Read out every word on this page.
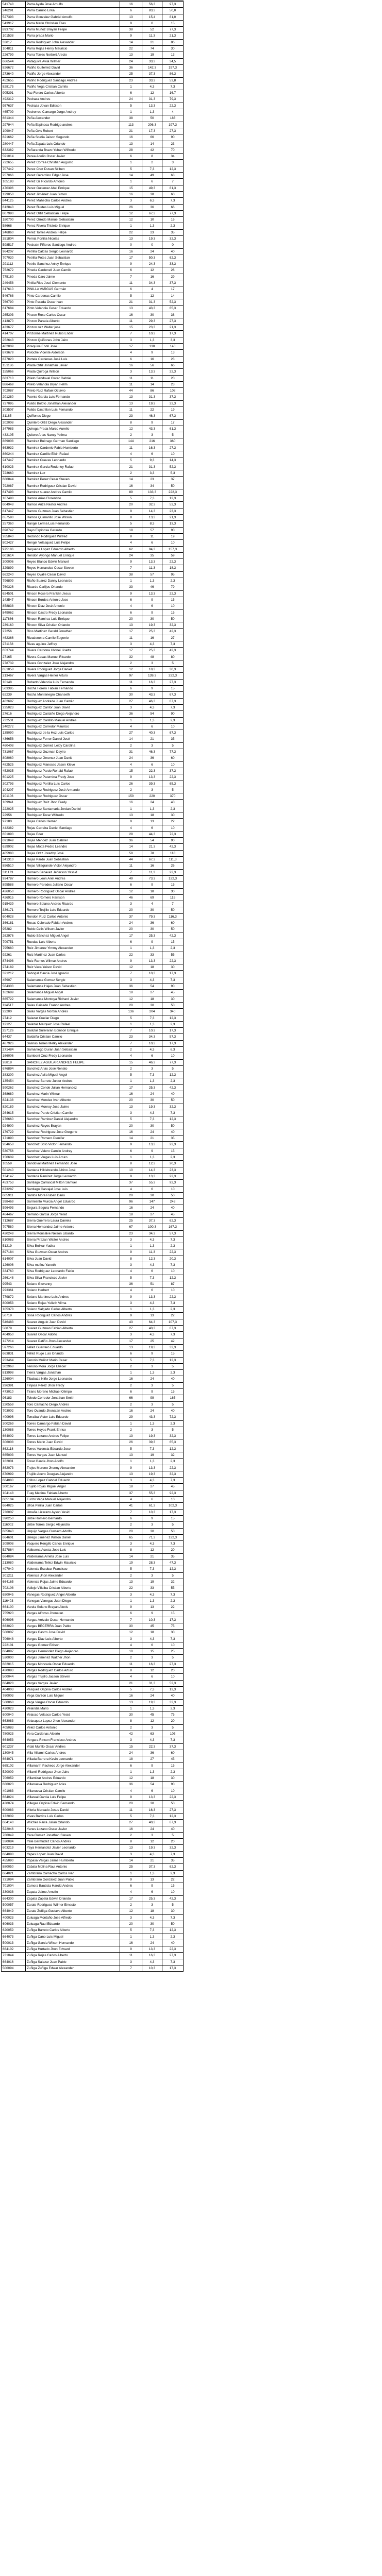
541748	Parra Ayala Jose Arnulfo	16	56,3	97,3
246291	Parra Carrillo Erika	6	83,3	50,0
527393	Parra Gonzalez Gabriel Arnulfo	13	15,4	81,0
543917	Parra Marin Christian Eliex	9	0	15
893702	Parra Muñoz Brayan Felipe	38	52	77,3
101538	Parra prada Mario	9	11,3	21,3
33017	Parra Rodriguez John Alexander	14	21	86
104811	Parra Rojas Henry Mauricio	22	74	30
226799	Parra Torres Norbert Arecio	13	19	13
666544	Pataquiva Avila Wilmer	24	33,3	34,5
826672	Patiño Guiterrez David	36	142,3	197,3
273640	Patiño Jorge Alexander	25	37,3	86,3
452655	Patiño Rodriguez Santiago Andres	23	33,3	53,8
828175	Patiño Vega Cristian Camilo	1	4,3	7,3
905391	Paz Forero Carlos Alberto	6	12	16,7
492312	Pedraza Andres	24	31,3	79,3
957637	Pedraza Jovan Edisson	5	13,3	22,3
465709	Pedrerros Camargo Jorge Andrey	1	1,3	4
661344	Peña Alexander	38	50	183
297944	Peña Espinosa Rodrigo andres	113	206,3	197,3
109047	Peña Ovis Robert	21	17,3	27,3
821662	Peña Soafia Jaison Segundo	16	66	90
280447	Peña Zapata Luis Orlando	13	14	23
632382	Peñaranda Bravo Yuban Wilfredo	28	42	70
591014	Perea Acoño Oscar Javier	6	8	34
722655	Perez Correa Christian Augusto	1	2	3
707442	Perez Cruz Duvan Stilben	5	7,3	12,3
257066	Perez Gerardino Edgar Jose	14	49	63
105183	Perez Gil Ricardo Antonio	1	6	7
470396	Perez Gutierrez Abel Enrique	15	49,3	81,3
129050	Perez Jiménez Juan Simon	16	38	60
844125	Perez Mahecha Carlos Andres	3	6,3	7,3
612843	Perez Ñustes Luis Miguel	26	36	66
807990	Perez Ortiz Sebastian Felipe	12	67,3	77,3
180700	Perez Orrodo Manuel Sebastián	12	10	16
58668	Perez Rivera Tristeto Enrique	1	1,3	2,3
246860	Perez Torres Andres Felipe	22	23	35
351804	Pernia Portilla Nicolas	13	19,3	32,3
598517	Pesissin Piñeros Santiago Andres	0	0	0
964207	Petrilla Caldas Sergio Leonardo	16	24	40
707030	Petrilla Potes Juan Sebastian	17	50,3	62,3
291112	Petrilo Sanchez Anley Enrique	9	24,3	33,3
752672	Pineda Cardenell Juan Camilo	6	12	26
775180	Pineda Caro Jaime	7	16	29
249458	Pinilla Rios José Clemente	11	34,3	37,3
317610	PINILLA VARGAS Germán	6	4	17
546768	Pinto Cardenas Camilo	5	12	14
766790	Pinto Parada Oscar Ivan	21	31,3	52,3
617684	Pinto Velandia Cesar Eduardo	13	43,3	65,3
265303	Pinzon Rose Carlos Oscar	16	30	38
413870	Pinzon Parada Alberto	11	29,3	27,3
433677	Pinzon ruiz Walter jose	15	23,3	21,3
414707	Pinzonne Martinez Rubio Ender	7	10,3	17,3
252643	Pinzon Quiñones John Jairo	3	1,3	3,3
402009	Piraquive Endri Jose	17	130	140
873679	Poloche Vicente Alderson	4	9	13
877820	Portela Cardenas José Luis	6	16	23
151186	Prada Ortiz Jonathan Javier	16	56	66
155066	Prada Quiroga Wilson	3	13,3	22,3
683710	Prieto Sandoval Oscar Gabriel	11	11	20
886469	Prieto Velandia Bryan Fellm	11	14	23
702087	Prieto Ruiz Rafael Octavio	44	86	108
201280	Puente Garcia Luis Fernando	13	31,3	37,3
727095	Pulido Boloto Jonathan Alexander	13	19,3	32,3
303507	Pulido Castrillon Luis Fernando	11	22	19
31185	Quiñones Diego	23	46,3	67,3
202008	Quintero Ortiz Diego Alexander	8	9	17
347983	Quiroga Prada Marco Aurelio	12	43,3	61,3
432105	Quitero Arias Nancy Yolima	2	3	5
869008	Ramirez Buitrago German Santiago	144	216	360
663932	Ramirez Cardenio Fabio Humberto	11	16,3	27,3
860244	Ramirez Carrillo Elkin Rafael	4	6	10
247447	Ramirez Cuevas Leonardo	5	9,3	14,3
610023	Ramirez Garcia Roderley Rafael	21	31,3	52,3
723660	Ramirez Luz	2	3,3	5,3
660844	Ramirez Perez Cesar Steven	14	23	37
792087	Ramirez Rodriguez Cristian David	16	34	50
617493	Ramirez suarez Andres Camilo	89	133,3	222,3
107498	Ramos Arias Florentino	5	7,3	12,3
604948	Ramos Ariza Nestor Andres	20	32,3	52,3
617447	Ramos Guzman Juan Sebastian	9	14,3	23,3
657590	Ramos Quimarillo José Wilson	8	13,3	21,3
257360	Rangel Lerma Luis Fernando	5	8,3	13,3
898742	Rayo Espinosa Gerardo	18	57	90
265840	Redondo Rodriguez Wilfred	8	11	19
802427	Rengel Velasquez Luis Felipe	4	6	10
975186	Requena Lopez Eduardo Alberto	62	94,3	157,3
601614	Rendon Ayongo Manuel Enrique	24	35	59
300006	Reyes Blanco Edwin Manuel	9	13,3	22,3
329899	Reyes Hernandez Cesar Steven	7	11,3	18,3
662240	Reyes Ovalle Cesar David	38	57	95
796809	Riaño Suarez Danny Leonardo	1	1,3	2,3
760326	Ricardo Carlijos Orlando	33	46	79
624501	Rincon Rosero Franklin Jesus	9	13,3	22,3
143547	Rincon Bordes Antonio Jose	6	9	15
858838	Rincon Díaz José Antonio	4	6	10
849062	Rincon Castro Fredy Leonardo	6	9	15
117886	Rincon Ramirez Luis Enrique	20	30	50
239160	Rincon Silva Cristian Orlando	13	19,3	32,3
27256	Rios Martinez Gerald Jonathan	17	25,3	42,3
462366	Rivadeneira Camilo Eugenio	11	16	27
271158	Rivas aguirre Jeffrey	3	4,3	7,3
653744	Rivera Cardona Ulvinei Lisetta	17	25,3	42,3
27165	Rivera Casas Manuel Ricardo	32	48	80
278739	Rivera Gonzalez Jose Alejandro	2	3	5
651058	Rivera Rodriguez Jorge Daniel	12	18,3	30,3
213467	Rivera Vargas Heiner Arturo	97	139,3	222,3
10148	Roberto Valencia Luis Fernando	11	16,3	27,3
503385	Rocha Forero Fabian Fernando	6	9	15
62239	Rocha Montenegro Chanseth	30	43,3	67,3
462697	Rodriguez Andrade Juan Camilo	27	46,3	67,3
225023	Rodriguez Cantor Juan David	3	4,3	7,3
27616	Rodriguez Castañe Diego Alejandro	36	54	90
732531	Rodriguez Castillo Manuel Andres	1	1,3	2,3
240272	Rodriguez Corredor Mauricio	4	6	10
135090	Rodriguez de la Hoz Luis Carlos	27	40,3	67,3
436658	Rodriguez Ferrer Daniel José	14	21	35
460408	Rodriguez Gomez Leidy Carolina	2	3	5
731067	Rodriguez Guzman Dayiro	31	46,3	77,3
808060	Rodriguez Jimenez Juan David	24	36	60
482525	Rodriguez Manosso Jason Kleve	4	6	10
452035	Rodriguez Pardo Ronald Rafael	15	22,3	37,3
601225	Rodriguez Paternina Fredy Jose	9	13,3	22,3
302793	Rodriguez Portilla Luis Carlos	26	39,3	65,3
104207	Rodriguez Rodriguez José Armando	2	3	5
101106	Rodriguez Rodriguez Oscar	150	220	370
109941	Rodriguez Ruiz Jhon Fredy	16	24	40
222025	Rodriguez Santamaria Jordan Daniel	1	1,3	2,3
22956	Rodriguez Tovar Wilfredo	13	18	30
97180	Rojas Carlos Hernan	9	13	22
442382	Rojas Carreira Daniel Santiago	4	6	10
651093	Rojas Eder	28	44,3	72,3
691049	Rojas Mendez Juan Gabriel	36	54	90
629902	Rojas Motta Pedro Leandro	14	21,3	42,3
405980	Rojas Ortiz Joredby José	58	78	118
341310	Rojas Pardo Juan Sebastian	44	67,3	111,3
856510	Rojas Villagrande Victor Alejandro	11	16	26
311173	Romero Benavez Jefferson Yessid	7	11,3	22,3
934787	Romero Leon Ariel Andres	49	73,3	122,3
895588	Romero Paredes Juliano Oscar	6	9	15
436050	Romero Rodriguez Oscar Andres	12	18	30
426915	Romero Romero Harrison	46	69	115
915439	Romero Solano Andres Ricardo	3	4	7
336171	Romero Trujillo Luis Eduardo	20	30	50
604028	Rondon Ruiz Carlos Antonio	37	79,3	116,3
366181	Rosas Colorado Fabian Andres	24	36	60
95282	Rubio Celis Wilson Javier	20	30	50
262976	Rubio Sánchez Miguel Angel	17	25,3	42,3
709751	Ruedas Luis Alberto	6	9	15
795680	Ruiz Jimenez Yimmy Alexander	1	1,3	2,3
92261	Ruiz Martinez Juan Carlos	22	33	55
874498	Ruiz Ramos Wilmar Andres	9	13,3	22,3
274189	Ruiz Vaca Yeison David	12	18	30
321212	Sabogal Garcia José Ignacio	7	10,3	17,3
45907	Salamanca Gomez Sergio	3	4,3	7,3
564303	Salamanca Hajes Juan Sebastian	36	54	90
162689	Salamanca Miguel Angel	18	27	45
665722	Salamanca Montoya Richard Javier	12	18	30
114517	Salas Caicedo Franco Andres	20	30	50
22200	Salas Vargas Norbin Andres	136	204	340
27412	Salazar Cuellar Diego	5	7,3	12,3
12127	Salazar Marquez Jose Rafael	1	1,3	2,3
257126	Salazar Sullivaran Edinson Enrique	7	10,3	17,3
64437	Saldaña Cristian Camilo	23	34,3	57,3
487926	Salinas Torres Melky Alexander	7	10,3	17,3
271484	Samaniego Duran Juan Sebastian	2	4,3	6,3
166006	Samboni Cruz Fredy Leonardo	4	6	10
26818	SANCHEZ AGUILAR ANDRES FELIPE	15	46,3	77,3
676894	Sanchez Arias José Renato	2	3	5
383300	Sanchez Avila Miguel Angel	5	7,3	12,3
135454	Sanchez Barreto Junior Andres	1	1,3	2,3
590262	Sanchez Conde Julian Hernandez	17	25,3	42,3
368680	Sanchez Marin Wilmar	16	24	40
824138	Sanchez Mendez Ivan Alberto	20	30	50
820189	Sanchez Monroy Jose Jaime	13	19,3	32,3
264615	Sanchez Pardo Cristian Camilo	3	4,3	7,3
276660	Sanchez Ramirez Daniel Alejandro	5	7,3	12,3
924900	Sanchez Reyes Brayan	20	30	50
179729	Sanchez Rodriguez Jose Gregorio	16	24	40
171890	Sanchez Romero Dienifer	14	21	35
264658	Sanchez Soto Victor Fernando	9	13,3	22,3
530756	Sanchez Valero Camilo Andrey	6	9	15
150609	Sanchez Vargas Luis Arturo	1	1,3	2,3
10559	Sandoval Martinez Fernando Jose	8	12,3	20,3
501240	Santana Hildebrando Albino José	10	14,3	23,3
134147	Santana Ramírez Jorge Leonardo	9	13,3	22,3
453753	Santiago Carrascal Milton Samuel	37	55,3	92,3
873287	Santiago Carvajal Jose Luis	4	6	10
605911	Santos Mora Ruben Dario	20	30	50
398469	Sarmiento Murcia Angel Eduardo	96	147	243
596493	Segura Segura Fernando	16	24	40
464467	Serrano Garcia Jorge Yesid	18	27	45
712687	Sierra Guerrero Laura Daniela	25	37,3	62,3
707580	Sierra Hernandez Jaime Antonio	67	100,3	167,3
420249	Sierra Monsalve Nelson Libardo	23	34,3	57,3
810083	Sierra Pirazan Walter Andres	3	4,3	7,3
51219	Silva Bolivar Yadira	1	1,3	2,3
897184	Silva Guzman Oscar Andres	9	11,3	22,3
614007	Silva Juan David	8	12,3	20,3
126006	Silva mufioz Yaneth	3	4,3	7,3
334760	Silva Rodriguez Leonardo Fabio	4	6	10
266148	Silva Silva Francisco Javier	5	7,3	12,3
99543	Solano Giovanny	36	51	87
293361	Solano Herbert	4	6	10
779872	Solano Martinez Luis Andres	9	13,3	22,3
800053	Solano Rojas Yulieth Vilma	3	4,3	7,3
105378	Soleno Salgado Carlos Alberto	1	1,3	2,3
50719	Sosa Rodriguez Carlos Andres	9	13	22
546483	Suarez Angulo Juan David	43	64,3	107,3
50879	Suarez Guzman Fabian Alberto	27	40,3	67,3
404950	Suarez Oscar Adolfo	3	4,3	7,3
127214	Suarez Patiño Jhon Alexander	17	25	42
597266	Tellez Guerrero Eduardo	13	19,3	32,3
663831	Tellez Ruge Luis Orlando	6	9	15
253464	Tenorio Muñoz Mario Cesar	5	7,3	12,3
302968	Tenorio Mora Jorge Eliecer	2	3	5
813998	Tierra Vargas Jonathan	1	1,3	2,3
226004	Tibabuza Niño Jorge Leonardo	16	24	40
296391	Tinjaca Pérez Jhon Fredy	2	3	5
473010	Tirano Moreno Michael Olimpo	6	9	15
96183	Toledo Corredor Jonathan Smith	66	99	165
220559	Toro Camacho Diego Andres	2	3	5
703002	Toro Ovando Jhonatan Andres	16	24	40
400996	Torralba Victor Luis Eduardo	29	43,3	72,3
300269	Torres Camargo Fabian David	1	1,3	2,3
130088	Torres Hoyos Frank Enrico	2	3	5
664002	Torres Lozano Andres Felipe	13	19,3	32,3
306008	Torres Marin Juan David	26	39,3	65,3
862118	Torres Valencia Eduardo Jose	5	7,3	12,3
665003	Torres Vargas Juan Manuel	13	19	32
162001	Tovar Garcia Jhon Adolfo	1	1,3	2,3
862073	Trejos Moreno Jhonny Alexander	9	13,3	22,3
870999	Trujillo Acero Douglas Alejandro	13	19,3	32,3
664080	Trillos Lopez Gabriel Eduardo	3	4,3	7,3
300167	Trujillo Rojas Miguel Angel	18	27	45
104148	Tuay Medina Fabian Alberto	37	55,3	92,3
605104	Turizo Vega Manuel Alejandro	4	6	10
664025	Ulloa Pinilla Juan Carlos	41	61,3	102,3
736007	Umaña Lizarazo Ayson Yesid	7	10,3	17,3
390250	Uribe Romero Bernardo	6	9	15
116002	Uribe Torres Sergio Alejandro	2	3	5
665043	Urquijo Vargas Gustavo Adolfo	20	30	50
664601	Urrego Jiménez Wilson Daniel	65	71,3	122,3
309008	Vaquero Rengifo Carlos Enrique	3	4,3	7,3
527864	Valbuena Acosta Jose Luis	8	12	20
664084	Valderrama Arrieta Jose Luis	14	21	35
213080	Valderrama Tellez Edwin Mauricio	19	28,3	47,3
407040	Valencia Escobar Francisco	5	7,3	12,3
301211	Valencia Jhon Alexander	2	3	5
664165	Valencia Rojas Jaime Eduardo	13	19	32
702108	Vallejo Villalba Cristian Alberto	22	33	55
650045	Vanegas Rodriguez Angel Alberto	3	4,3	7,3
116403	Vanegas Vanegas Juan Diego	1	1,3	2,3
664100	Varela Solano Brayan Alexis	9	13	22
755920	Vargas Alfonso Jhonatan	6	9	15
606096	Vargas Arévalo Oscar Hernando	7	10,3	17,3
663020	Vargas BECERRA Juan Pablo	30	45	75
500007	Vargas Castro Jose David	12	18	30
706048	Vargas Diaz Luis Alberto	3	4,3	7,3
222101	Vargas Gomez Edison	4	6	10
664097	Vargas Hernández Diego Alejandro	10	15	25
520000	Vargas Jimenez Walther Jhon	2	3	5
662015	Vargas Moncada Oscar Eduardo	11	16,3	27,3
430093	Vargas Rodriguez Carlos Arturo	8	12	20
500044	Vargas Trujillo Jacson Steven	4	6	10
664028	Vargas Vargas Javier	21	31,3	52,3
404003	Vasquez Ospina Carlos Andrés	5	7,3	12,3
760003	Vega Garzon Luis Miguel	16	24	40
560068	Vega Vargas Oscar Eduardo	13	19,3	32,3
430023	Velandia Mario	1	1,3	2,3
600040	Velasco Velasco Carlos Yesid	30	45	75
663083	Velasquez Lopez Jhon Alexander	8	12	20
405083	Velez Carlos Antonio	2	3	5
780023	Vera Cardenas Alberto	42	63	105
664053	Vergara Rincon Francisco Andres	3	4,3	7,3
601237	Vidal Murillo Oscar Andres	15	22,3	37,3
130045	Villa Villamil Carlos Andres	24	36	60
664071	Villada Barrera Kevin Leonardo	18	27	45
665102	Villamarín Pacheco Jorge Alexander	6	9	15
520009	Villamil Rodriguez Jhon Jairo	1	1,3	2,3
706059	Villamizar Andres Eduardo	12	18	30
660023	Villanueva Rodriguez Arles	36	54	90
401083	Villanueva Cristian Camilo	4	6	10
664024	Villareal Garcia Luis Felipe	9	13,3	22,3
430074	Villegas Ospina Edwin Fernando	20	30	50
600083	Viloria Mercado Jesus David	11	16,3	27,3
132009	Vivas Barrios Luis Carlos	5	7,3	12,3
664140	Wilches Parra Julian Orlando	27	40,3	67,3
522046	Yanes Lozano Oscar Javier	16	24	40
760049	Yara Gomez Jonathan Steven	2	3	5
330084	Yate Bermudez Carlos Andres	8	12	20
603219	Yaya Hernandez Javier Leonardo	13	19,3	32,3
664098	Yepes Lopez Juan David	3	4,3	7,3
455090	Yopasa Vargas Jaime Humberto	14	21	35
880050	Zabala Molina Raul Antonio	25	37,3	62,3
664021	Zambrano Camacho Carlos Ivan	1	1,3	2,3
731094	Zambrano Gonzalez Juan Pablo	9	13	22
701004	Zamora Bautista Harold Andres	6	9	15
330038	Zapata Jaime Arnulfo	4	6	10
664300	Zapata Zapata Edwin Orlando	17	25,3	42,3
500057	Zarate Rodriguez Wilmer Ernesto	2	3	5
664049	Zarate Zuñiga Gustavo Alberto	12	18	30
400023	Zuluaga Montaño Jose Alfredo	3	4,3	7,3
606033	Zuluaga Raul Eduardo	20	30	50
620059	Zuñiga Barreto Carlos Alberto	5	7,3	12,3
664073	Zuñiga Cano Luis Miguel	1	1,3	2,3
500013	Zuñiga Garcia Wilson Hernando	16	24	40
664102	Zuñiga Hurtado Jhon Edward	9	13,3	22,3
731044	Zuñiga Rojas Carlos Alberto	11	16,3	27,3
664016	Zuñiga Salazar Juan Pablo	3	4,3	7,3
500094	Zuñiga Zuñiga Edwar Alexander	7	10,3	17,3
